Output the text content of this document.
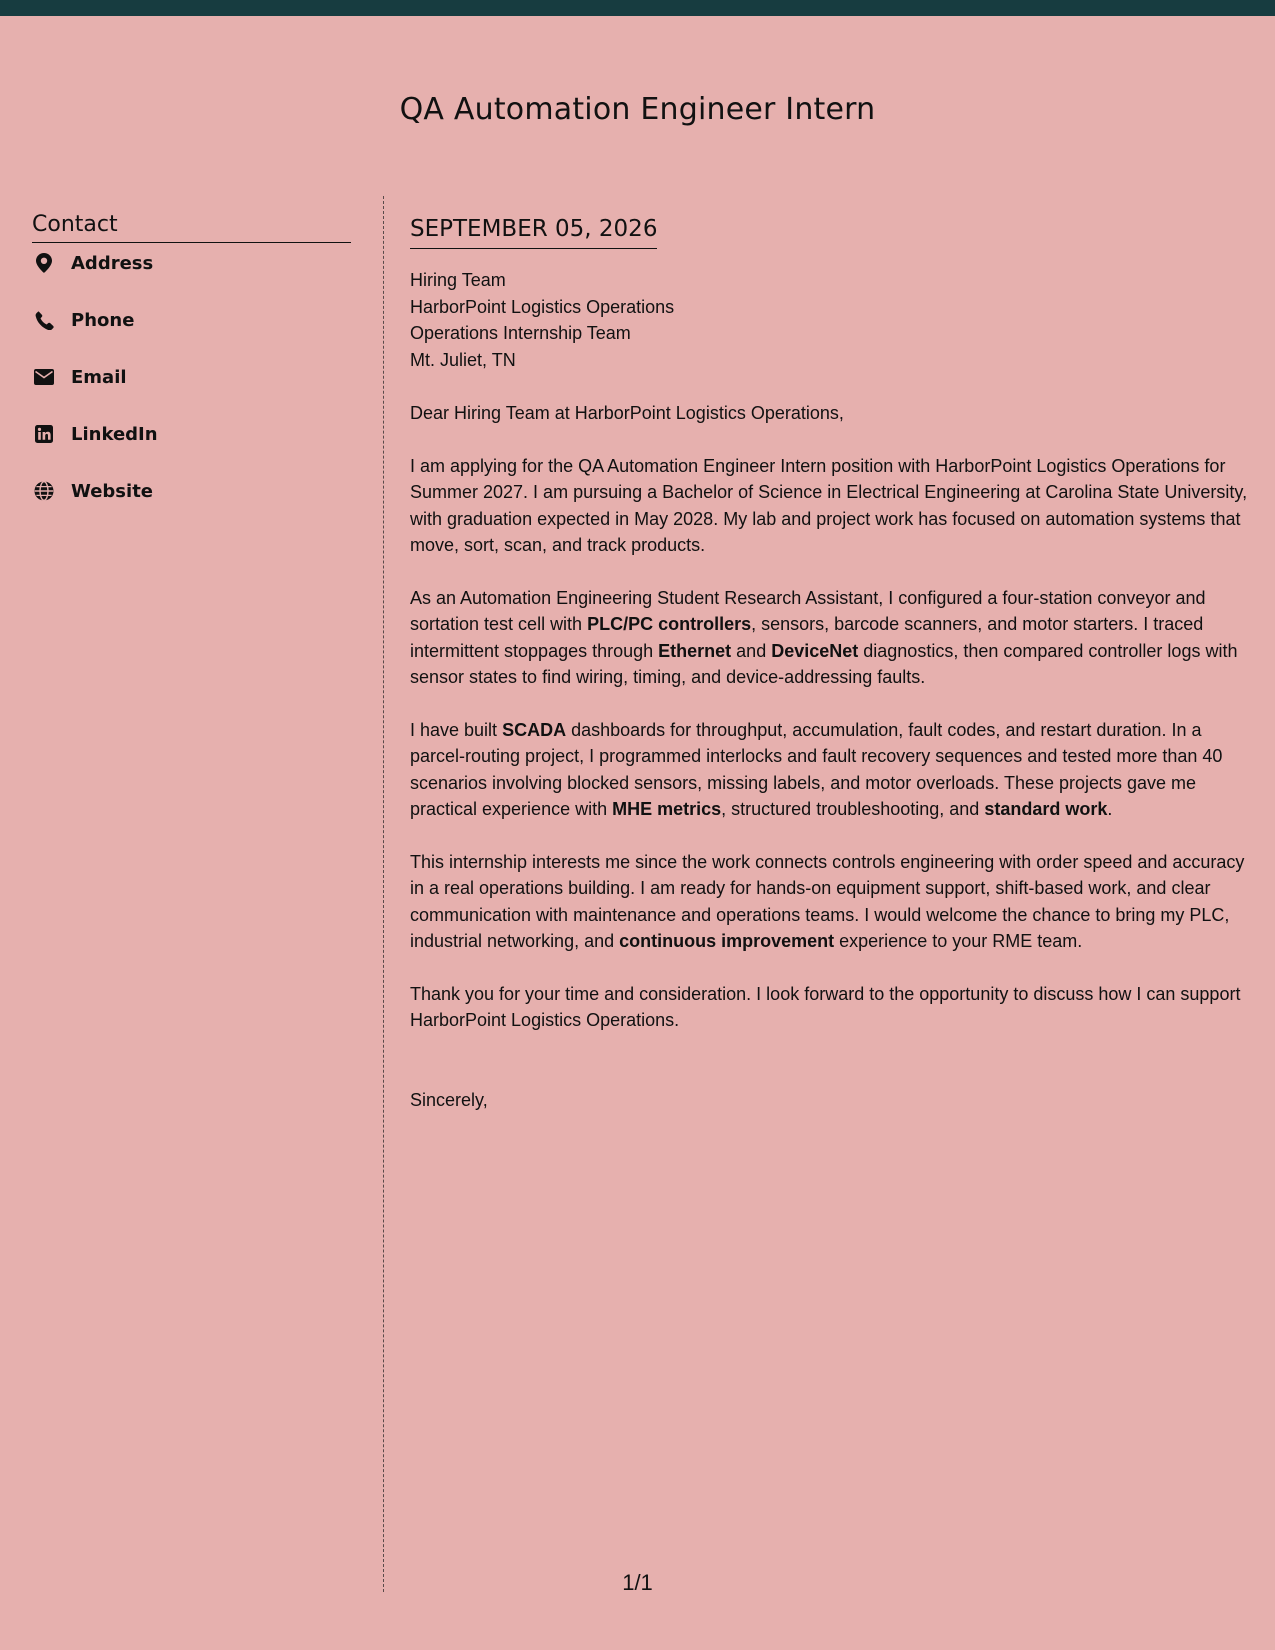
QA Automation Engineer Intern
Contact
Address
Phone
Email
LinkedIn
Website
SEPTEMBER 05, 2026
Hiring Team
HarborPoint Logistics Operations
Operations Internship Team
Mt. Juliet, TN
Dear Hiring Team at HarborPoint Logistics Operations,
I am applying for the QA Automation Engineer Intern position with HarborPoint Logistics Operations for Summer 2027. I am pursuing a Bachelor of Science in Electrical Engineering at Carolina State University, with graduation expected in May 2028. My lab and project work has focused on automation systems that move, sort, scan, and track products.
As an Automation Engineering Student Research Assistant, I configured a four-station conveyor and sortation test cell with PLC/PC controllers, sensors, barcode scanners, and motor starters. I traced intermittent stoppages through Ethernet and DeviceNet diagnostics, then compared controller logs with sensor states to find wiring, timing, and device-addressing faults.
I have built SCADA dashboards for throughput, accumulation, fault codes, and restart duration. In a parcel-routing project, I programmed interlocks and fault recovery sequences and tested more than 40 scenarios involving blocked sensors, missing labels, and motor overloads. These projects gave me practical experience with MHE metrics, structured troubleshooting, and standard work.
This internship interests me since the work connects controls engineering with order speed and accuracy in a real operations building. I am ready for hands-on equipment support, shift-based work, and clear communication with maintenance and operations teams. I would welcome the chance to bring my PLC, industrial networking, and continuous improvement experience to your RME team.
Thank you for your time and consideration. I look forward to the opportunity to discuss how I can support HarborPoint Logistics Operations.
Sincerely,
1/1
